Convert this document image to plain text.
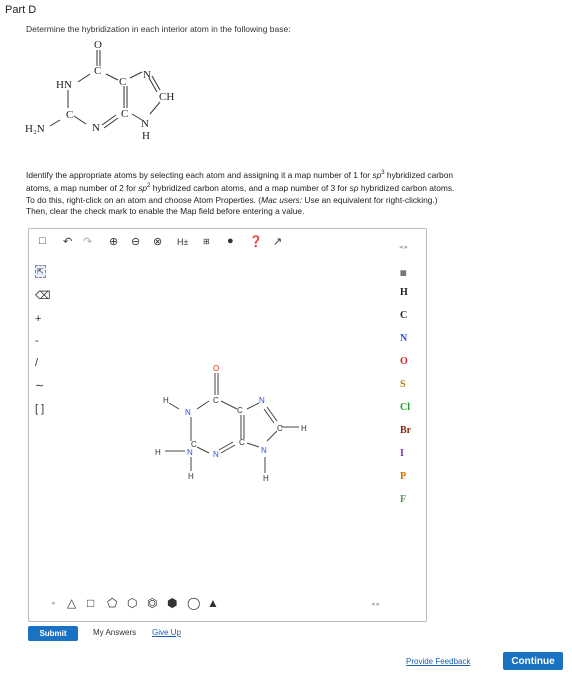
Part D
Determine the hybridization in each interior atom in the following base:
O
C
HN
N
C
CH
C	C
H₂N	N	N
H
Identify the appropriate atoms by selecting each atom and assigning it a map number of 1 for $sp^3$ hybridized carbon
atoms, a map number of 2 for $sp^2$ hybridized carbon atoms, and a map number of 3 for sp hybridized carbon atoms.
To do this, right-click on an atom and choose Atom Properties. (Mac users: Use an equivalent for right-clicking.)
Then, clear the check mark to enable the Map field before entering a value.
□ ↶ ↷ ⊕ ⊖ ⊗ H± ⊞ ● ❓ ↗	◂ ▸
⇱
⌫
+
-
/
∼
[ ]
▦
H
C
N
O
S
Cl
Br
I
P
F
O
H
N
C
C
N
C H
C	C
N
H
N
N
H
H
◂ △ □ ⬠ ⬡ ⏣ ⬢ ◯ ▲	◂ ▸
Submit	My Answers Give Up
Provide Feedback	Continue
